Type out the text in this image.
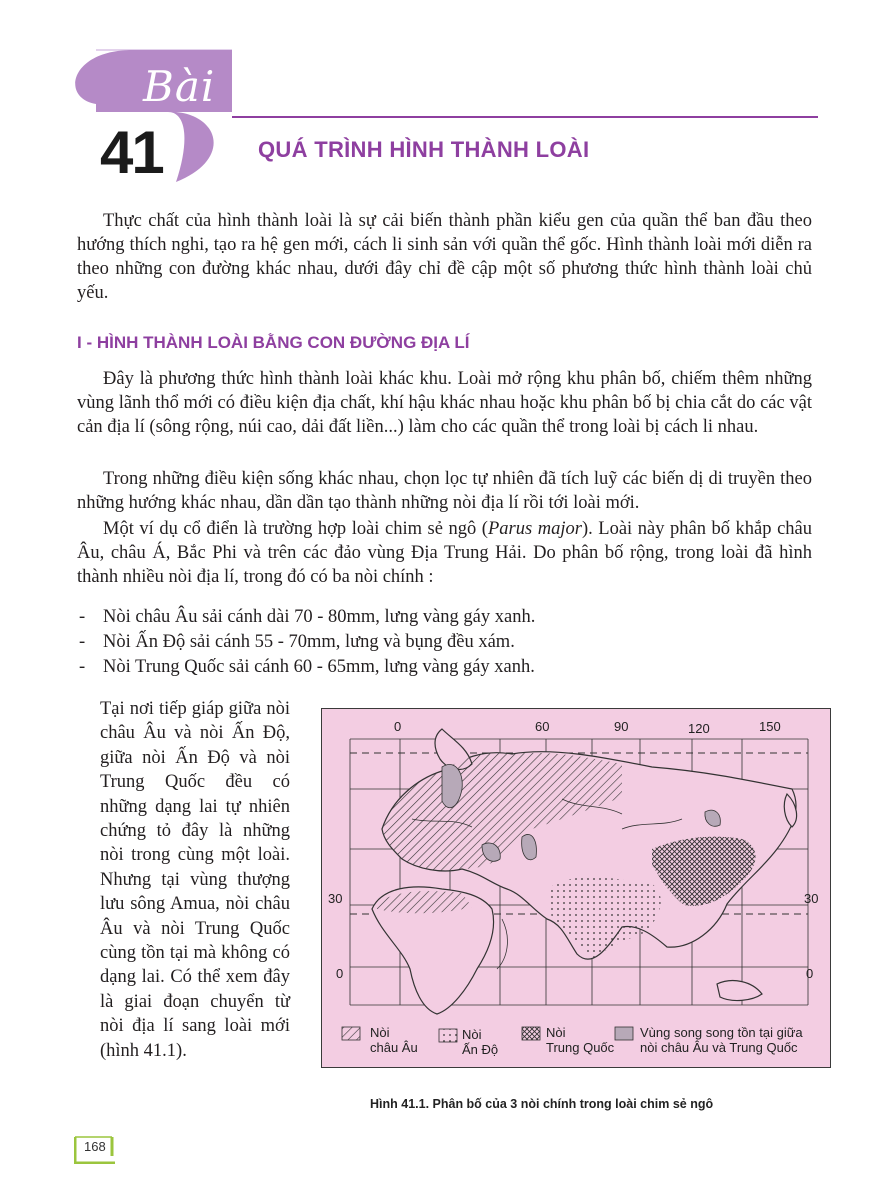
Bài
41	QUÁ TRÌNH HÌNH THÀNH LOÀI

Thực chất của hình thành loài là sự cải biến thành phần kiểu gen của quần thể ban đầu theo hướng thích nghi, tạo ra hệ gen mới, cách li sinh sản với quần thể gốc. Hình thành loài mới diễn ra theo những con đường khác nhau, dưới đây chỉ đề cập một số phương thức hình thành loài chủ yếu.

I - HÌNH THÀNH LOÀI BẰNG CON ĐƯỜNG ĐỊA LÍ

Đây là phương thức hình thành loài khác khu. Loài mở rộng khu phân bố, chiếm thêm những vùng lãnh thổ mới có điều kiện địa chất, khí hậu khác nhau hoặc khu phân bố bị chia cắt do các vật cản địa lí (sông rộng, núi cao, dải đất liền...) làm cho các quần thể trong loài bị cách li nhau.

Trong những điều kiện sống khác nhau, chọn lọc tự nhiên đã tích luỹ các biến dị di truyền theo những hướng khác nhau, dần dần tạo thành những nòi địa lí rồi tới loài mới.

Một ví dụ cổ điển là trường hợp loài chim sẻ ngô (Parus major). Loài này phân bố khắp châu Âu, châu Á, Bắc Phi và trên các đảo vùng Địa Trung Hải. Do phân bố rộng, trong loài đã hình thành nhiều nòi địa lí, trong đó có ba nòi chính :

- Nòi châu Âu sải cánh dài 70 - 80mm, lưng vàng gáy xanh.
- Nòi Ấn Độ sải cánh 55 - 70mm, lưng và bụng đều xám.
- Nòi Trung Quốc sải cánh 60 - 65mm, lưng vàng gáy xanh.

Tại nơi tiếp giáp giữa nòi châu Âu và nòi Ấn Độ, giữa nòi Ấn Độ và nòi Trung Quốc đều có những dạng lai tự nhiên chứng tỏ đây là những nòi trong cùng một loài. Nhưng tại vùng thượng lưu sông Amua, nòi châu Âu và nòi Trung Quốc cùng tồn tại mà không có dạng lai. Có thể xem đây là giai đoạn chuyển từ nòi địa lí sang loài mới (hình 41.1).

0	60	90	120	150
30	30
0	0
Nòi
châu Âu
Nòi
Ấn Độ
Nòi
Trung Quốc
Vùng song song tồn tại giữa
nòi châu Âu và Trung Quốc
Hình 41.1. Phân bố của 3 nòi chính trong loài chim sẻ ngô
168
